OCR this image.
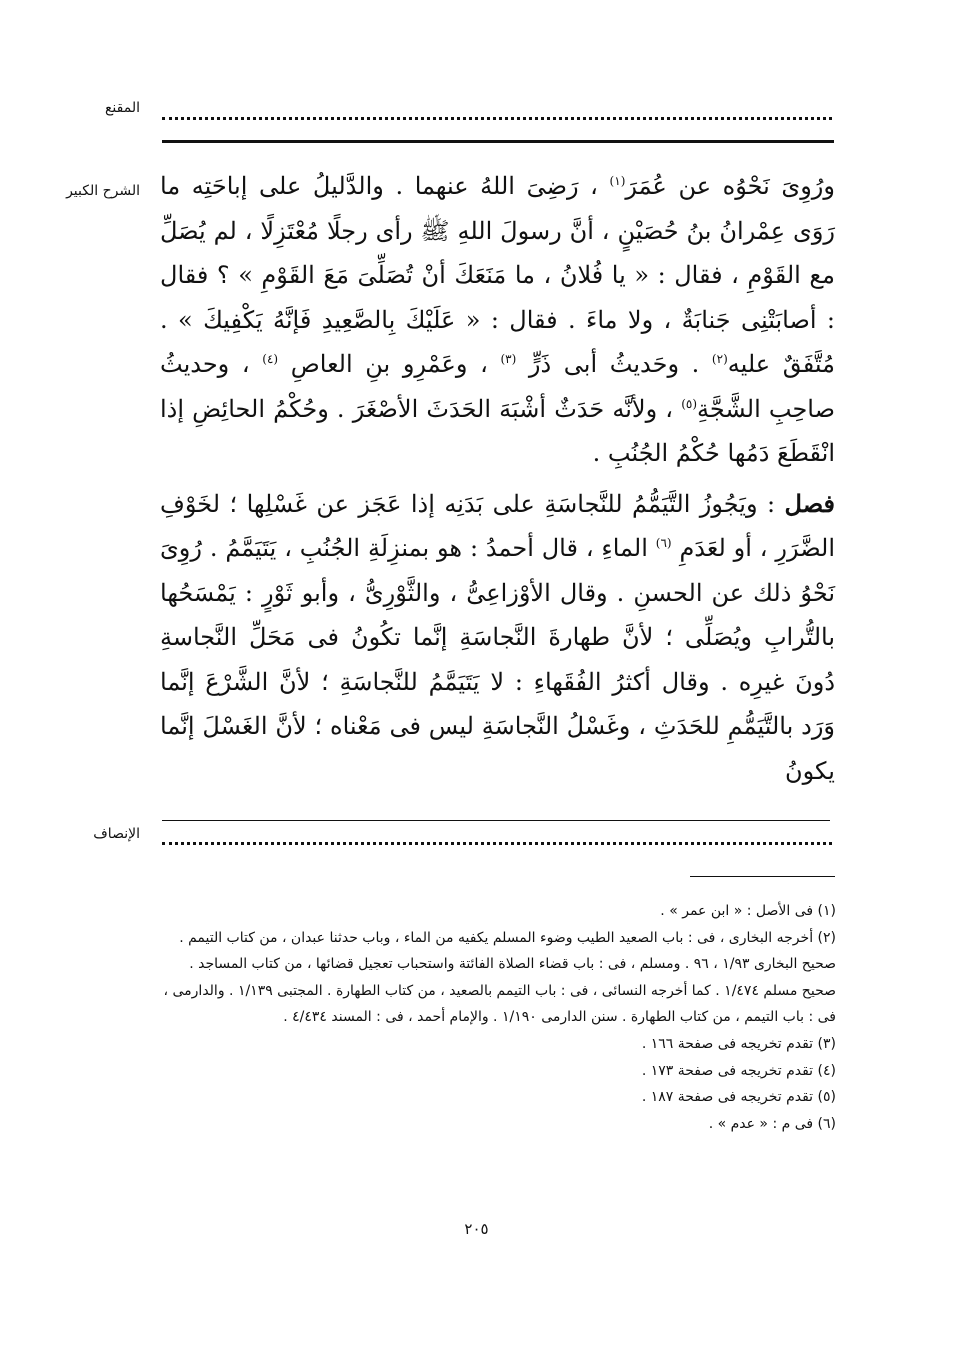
المقنع
الشرح الكبير	ورُوِىَ نَحْوُه عن عُمَرَ$^{(١)}$ ، رَضِىَ اللهُ عنهما . والدَّليلُ على إباحَتِه ما رَوَى عِمْرانُ بنُ حُصَيْنٍ ، أنَّ رسولَ اللهِ ﷺ رأى رجلًا مُعْتَزِلًا ، لم يُصَلِّ مع القَوْمِ ، فقال : « يا فُلانُ ، ما مَنَعَكَ أنْ تُصَلِّىَ مَعَ القَوْمِ » ؟ فقال : أصابَتْنِى جَنابَةٌ ، ولا ماءَ . فقال : « عَلَيْكَ بِالصَّعِيدِ فَإنَّهُ يَكْفِيكَ » . مُتَّفَقٌ عليه$^{(٢)}$ . وحَديثُ أبى ذَرٍّ $^{(٣)}$ ، وعَمْرِو بنِ العاصِ $^{(٤)}$ ، وحديثُ صاحِبِ الشَّجَّةِ$^{(٥)}$ ، ولأنَّه حَدَثٌ أشْبَهَ الحَدَثَ الأصْغَرَ . وحُكْمُ الحائِضِ إذا انْقَطَعَ دَمُها حُكْمُ الجُنُبِ .

فصل : ويَجُوزُ التَّيَمُّمُ للنَّجاسَةِ على بَدَنِه إذا عَجَز عن غَسْلِها ؛ لخَوْفِ الضَّرَرِ ، أو لعَدَمِ $^{(٦)}$ الماءِ ، قال أحمدُ : هو بمنزِلَةِ الجُنُبِ ، يَتَيَمَّمُ . رُوِىَ نَحْوُ ذلك عن الحسنِ . وقال الأوْزاعِىُّ ، والثَّوْرِىُّ ، وأبو ثَوْرٍ : يَمْسَحُها بالتُّرابِ ويُصَلِّى ؛ لأنَّ طهارةَ النَّجاسَةِ إنَّما تكُونُ فى مَحَلِّ النَّجاسةِ دُونَ غيرِه . وقال أكثرُ الفُقَهاءِ : لا يَتَيَمَّمُ للنَّجاسَةِ ؛ لأنَّ الشَّرْعَ إنَّما وَرَد بالتَّيَمُّمِ للحَدَثِ ، وغَسْلُ النَّجاسَةِ ليس فى مَعْناه ؛ لأنَّ الغَسْلَ إنَّما يكونُ

الإنصاف

(١) فى الأصل : « ابن عمر » .

(٢) أخرجه البخارى ، فى : باب الصعيد الطيب وضوء المسلم يكفيه من الماء ، وباب حدثنا عبدان ، من كتاب التيمم . صحيح البخارى ١/٩٣ ، ٩٦ . ومسلم ، فى : باب قضاء الصلاة الفائتة واستحباب تعجيل قضائها ، من كتاب المساجد . صحيح مسلم ١/٤٧٤ . كما أخرجه النسائى ، فى : باب التيمم بالصعيد ، من كتاب الطهارة . المجتبى ١/١٣٩ . والدارمى ، فى : باب التيمم ، من كتاب الطهارة . سنن الدارمى ١/١٩٠ . والإمام أحمد ، فى : المسند ٤/٤٣٤ .

(٣) تقدم تخريجه فى صفحة ١٦٦ .

(٤) تقدم تخريجه فى صفحة ١٧٣ .

(٥) تقدم تخريجه فى صفحة ١٨٧ .

(٦) فى م : « عدم » .

٢٠٥
